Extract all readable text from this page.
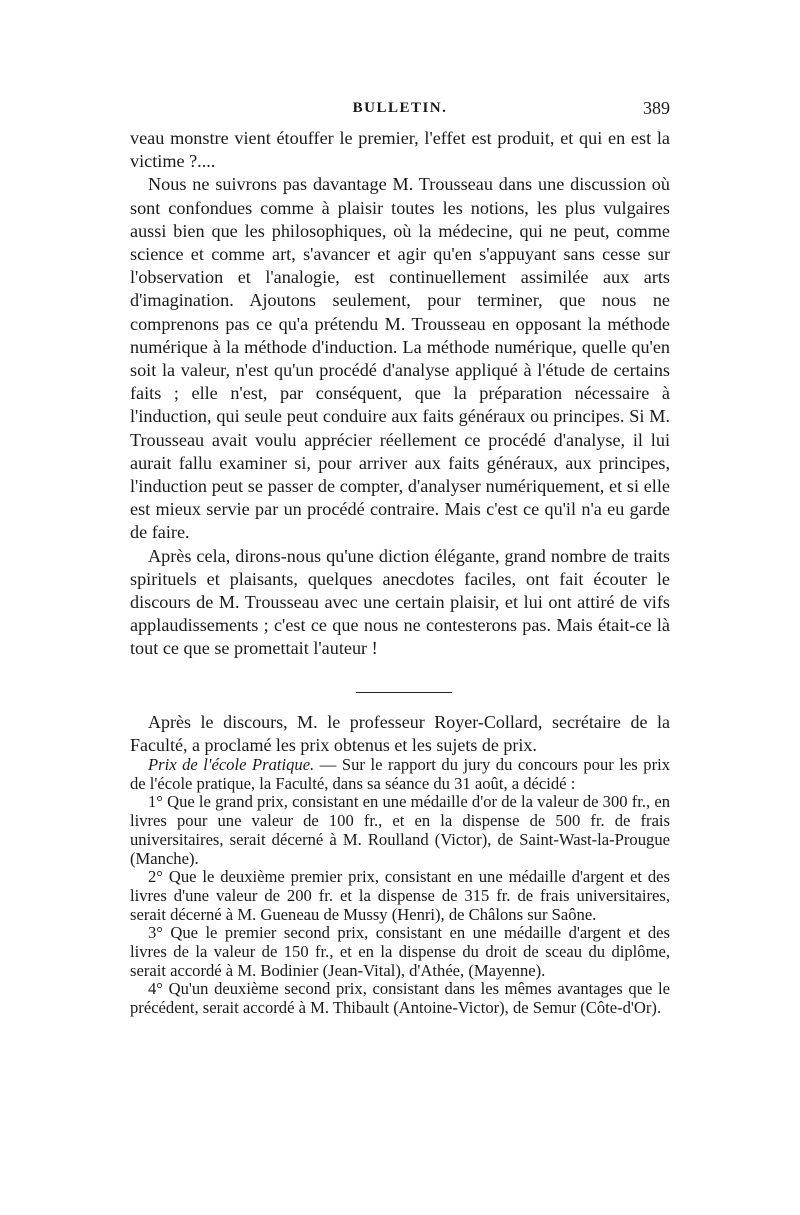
BULLETIN.	389

veau monstre vient étouffer le premier, l'effet est produit, et qui en est la victime ?....

Nous ne suivrons pas davantage M. Trousseau dans une discussion où sont confondues comme à plaisir toutes les notions, les plus vulgaires aussi bien que les philosophiques, où la médecine, qui ne peut, comme science et comme art, s'avancer et agir qu'en s'appuyant sans cesse sur l'observation et l'analogie, est continuellement assimilée aux arts d'imagination. Ajoutons seulement, pour terminer, que nous ne comprenons pas ce qu'a prétendu M. Trousseau en opposant la méthode numérique à la méthode d'induction. La méthode numérique, quelle qu'en soit la valeur, n'est qu'un procédé d'analyse appliqué à l'étude de certains faits ; elle n'est, par conséquent, que la préparation nécessaire à l'induction, qui seule peut conduire aux faits généraux ou principes. Si M. Trousseau avait voulu apprécier réellement ce procédé d'analyse, il lui aurait fallu examiner si, pour arriver aux faits généraux, aux principes, l'induction peut se passer de compter, d'analyser numériquement, et si elle est mieux servie par un procédé contraire. Mais c'est ce qu'il n'a eu garde de faire.

Après cela, dirons-nous qu'une diction élégante, grand nombre de traits spirituels et plaisants, quelques anecdotes faciles, ont fait écouter le discours de M. Trousseau avec une certain plaisir, et lui ont attiré de vifs applaudissements ; c'est ce que nous ne contesterons pas. Mais était-ce là tout ce que se promettait l'auteur !

Après le discours, M. le professeur Royer-Collard, secrétaire de la Faculté, a proclamé les prix obtenus et les sujets de prix.

Prix de l'école Pratique. — Sur le rapport du jury du concours pour les prix de l'école pratique, la Faculté, dans sa séance du 31 août, a décidé :

1° Que le grand prix, consistant en une médaille d'or de la valeur de 300 fr., en livres pour une valeur de 100 fr., et en la dispense de 500 fr. de frais universitaires, serait décerné à M. Roulland (Victor), de Saint-Wast-la-Prougue (Manche).

2° Que le deuxième premier prix, consistant en une médaille d'argent et des livres d'une valeur de 200 fr. et la dispense de 315 fr. de frais universitaires, serait décerné à M. Gueneau de Mussy (Henri), de Châlons sur Saône.

3° Que le premier second prix, consistant en une médaille d'argent et des livres de la valeur de 150 fr., et en la dispense du droit de sceau du diplôme, serait accordé à M. Bodinier (Jean-Vital), d'Athée, (Mayenne).

4° Qu'un deuxième second prix, consistant dans les mêmes avantages que le précédent, serait accordé à M. Thibault (Antoine-Victor), de Semur (Côte-d'Or).
